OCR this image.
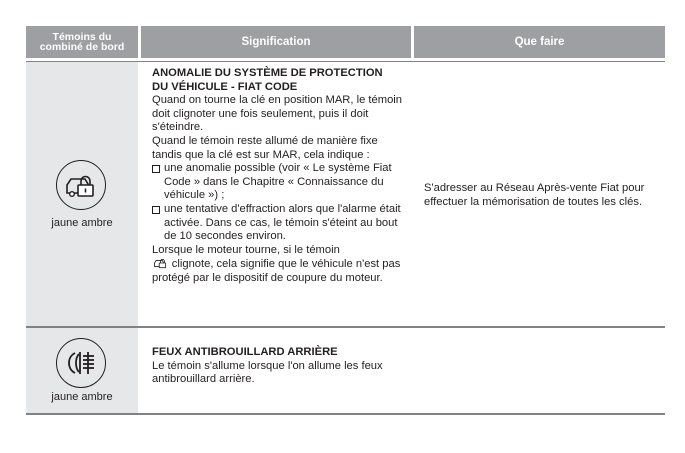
Témoins du
combiné de bord	Signification	Que faire
jaune ambre
ANOMALIE DU SYSTÈME DE PROTECTION
DU VÉHICULE - FIAT CODE

Quand on tourne la clé en position MAR, le témoin doit clignoter une fois seulement, puis il doit s'éteindre.

Quand le témoin reste allumé de manière fixe tandis que la clé est sur MAR, cela indique :

une anomalie possible (voir « Le système Fiat Code » dans le Chapitre « Connaissance du véhicule ») ;
une tentative d'effraction alors que l'alarme était activée. Dans ce cas, le témoin s'éteint au bout de 10 secondes environ.

Lorsque le moteur tourne, si le témoin
clignote, cela signifie que le véhicule n'est pas protégé par le dispositif de coupure du moteur.

S'adresser au Réseau Après-vente Fiat pour effectuer la mémorisation de toutes les clés.
jaune ambre
FEUX ANTIBROUILLARD ARRIÈRE

Le témoin s'allume lorsque l'on allume les feux antibrouillard arrière.
